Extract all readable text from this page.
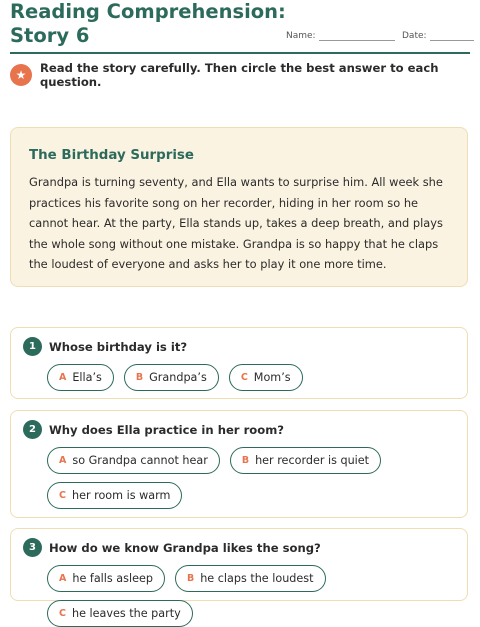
Reading Comprehension:
Story 6	Name:	Date:
★	Read the story carefully. Then circle the best answer to each question.
The Birthday Surprise

Grandpa is turning seventy, and Ella wants to surprise him. All week she practices his favorite song on her recorder, hiding in her room so he cannot hear. At the party, Ella stands up, takes a deep breath, and plays the whole song without one mistake. Grandpa is so happy that he claps the loudest of everyone and asks her to play it one more time.

1	Whose birthday is it?
A Ella’s	B Grandpa’s	C Mom’s
2	Why does Ella practice in her room?
A so Grandpa cannot hear	B her recorder is quiet
C her room is warm
3	How do we know Grandpa likes the song?
A he falls asleep	B he claps the loudest
C he leaves the party
